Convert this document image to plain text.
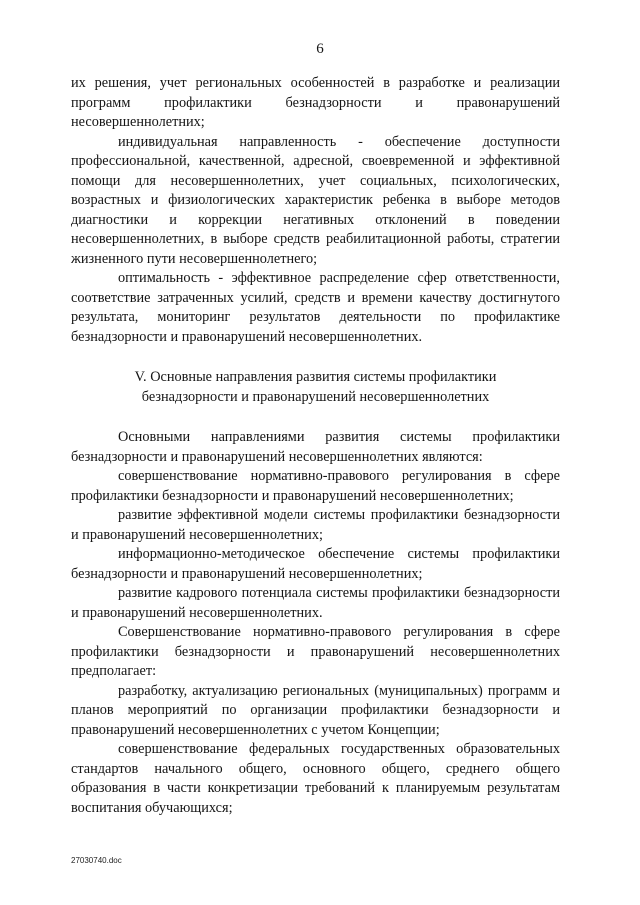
6

их решения, учет региональных особенностей в разработке и реализации программ профилактики безнадзорности и правонарушений несовершеннолетних;

индивидуальная направленность - обеспечение доступности профессиональной, качественной, адресной, своевременной и эффективной помощи для несовершеннолетних, учет социальных, психологических, возрастных и физиологических характеристик ребенка в выборе методов диагностики и коррекции негативных отклонений в поведении несовершеннолетних, в выборе средств реабилитационной работы, стратегии жизненного пути несовершеннолетнего;

оптимальность - эффективное распределение сфер ответственности, соответствие затраченных усилий, средств и времени качеству достигнутого результата, мониторинг результатов деятельности по профилактике безнадзорности и правонарушений несовершеннолетних.

V. Основные направления развития системы профилактики
безнадзорности и правонарушений несовершеннолетних

Основными направлениями развития системы профилактики безнадзорности и правонарушений несовершеннолетних являются:

совершенствование нормативно-правового регулирования в сфере профилактики безнадзорности и правонарушений несовершеннолетних;

развитие эффективной модели системы профилактики безнадзорности и правонарушений несовершеннолетних;

информационно-методическое обеспечение системы профилактики безнадзорности и правонарушений несовершеннолетних;

развитие кадрового потенциала системы профилактики безнадзорности и правонарушений несовершеннолетних.

Совершенствование нормативно-правового регулирования в сфере профилактики безнадзорности и правонарушений несовершеннолетних предполагает:

разработку, актуализацию региональных (муниципальных) программ и планов мероприятий по организации профилактики безнадзорности и правонарушений несовершеннолетних с учетом Концепции;

совершенствование федеральных государственных образовательных стандартов начального общего, основного общего, среднего общего образования в части конкретизации требований к планируемым результатам воспитания обучающихся;

27030740.doc
